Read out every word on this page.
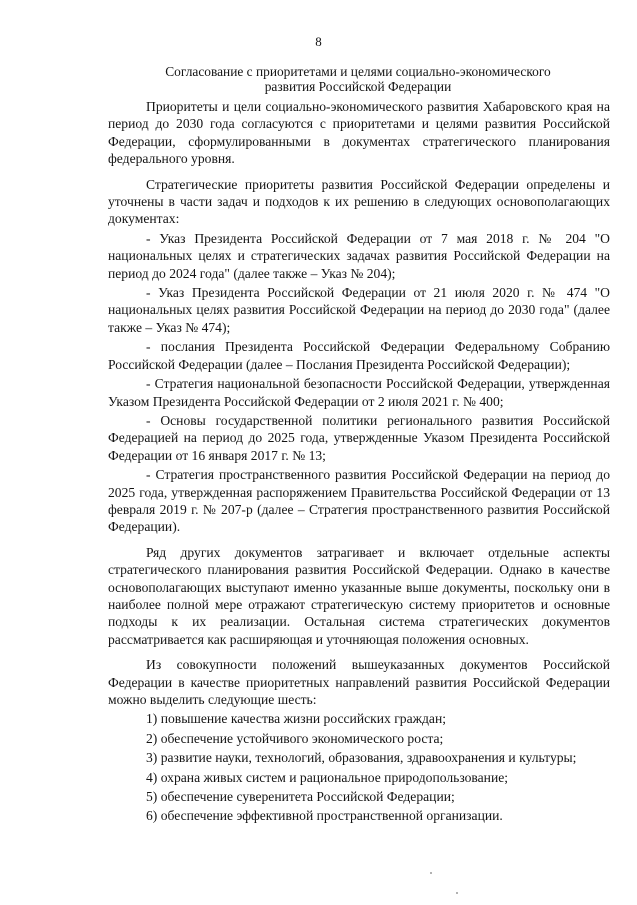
8
Согласование с приоритетами и целями социально-экономического
развития Российской Федерации

Приоритеты и цели социально-экономического развития Хабаровского края на период до 2030 года согласуются с приоритетами и целями развития Российской Федерации, сформулированными в документах стратегического планирования федерального уровня.

Стратегические приоритеты развития Российской Федерации определены и уточнены в части задач и подходов к их решению в следующих основополагающих документах:

- Указ Президента Российской Федерации от 7 мая 2018 г. № 204 "О национальных целях и стратегических задачах развития Российской Федерации на период до 2024 года" (далее также – Указ № 204);

- Указ Президента Российской Федерации от 21 июля 2020 г. № 474 "О национальных целях развития Российской Федерации на период до 2030 года" (далее также – Указ № 474);

- послания Президента Российской Федерации Федеральному Собранию Российской Федерации (далее – Послания Президента Российской Федерации);

- Стратегия национальной безопасности Российской Федерации, утвержденная Указом Президента Российской Федерации от 2 июля 2021 г. № 400;

- Основы государственной политики регионального развития Российской Федерацией на период до 2025 года, утвержденные Указом Президента Российской Федерации от 16 января 2017 г. № 13;

- Стратегия пространственного развития Российской Федерации на период до 2025 года, утвержденная распоряжением Правительства Российской Федерации от 13 февраля 2019 г. № 207-р (далее – Стратегия пространственного развития Российской Федерации).

Ряд других документов затрагивает и включает отдельные аспекты стратегического планирования развития Российской Федерации. Однако в качестве основополагающих выступают именно указанные выше документы, поскольку они в наиболее полной мере отражают стратегическую систему приоритетов и основные подходы к их реализации. Остальная система стратегических документов рассматривается как расширяющая и уточняющая положения основных.

Из совокупности положений вышеуказанных документов Российской Федерации в качестве приоритетных направлений развития Российской Федерации можно выделить следующие шесть:

1) повышение качества жизни российских граждан;

2) обеспечение устойчивого экономического роста;

3) развитие науки, технологий, образования, здравоохранения и культуры;

4) охрана живых систем и рациональное природопользование;

5) обеспечение суверенитета Российской Федерации;

6) обеспечение эффективной пространственной организации.
